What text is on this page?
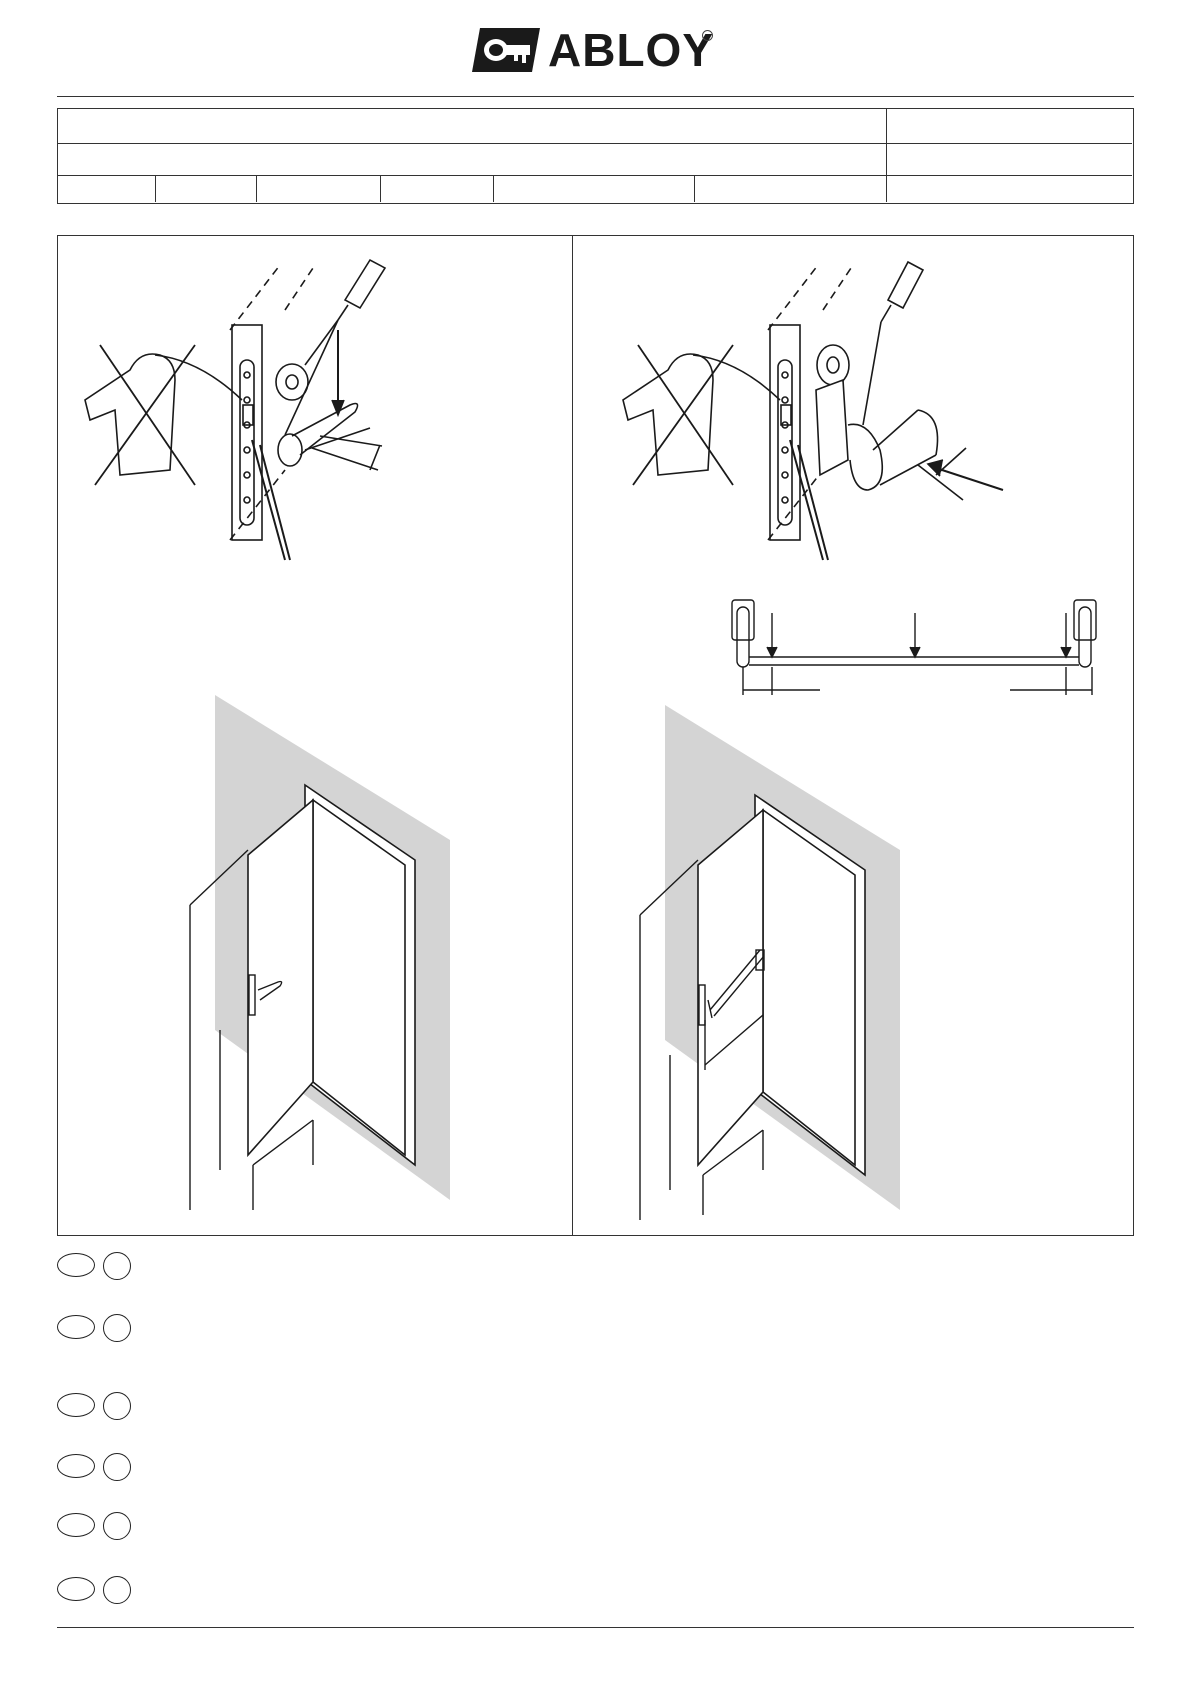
ABLOY
